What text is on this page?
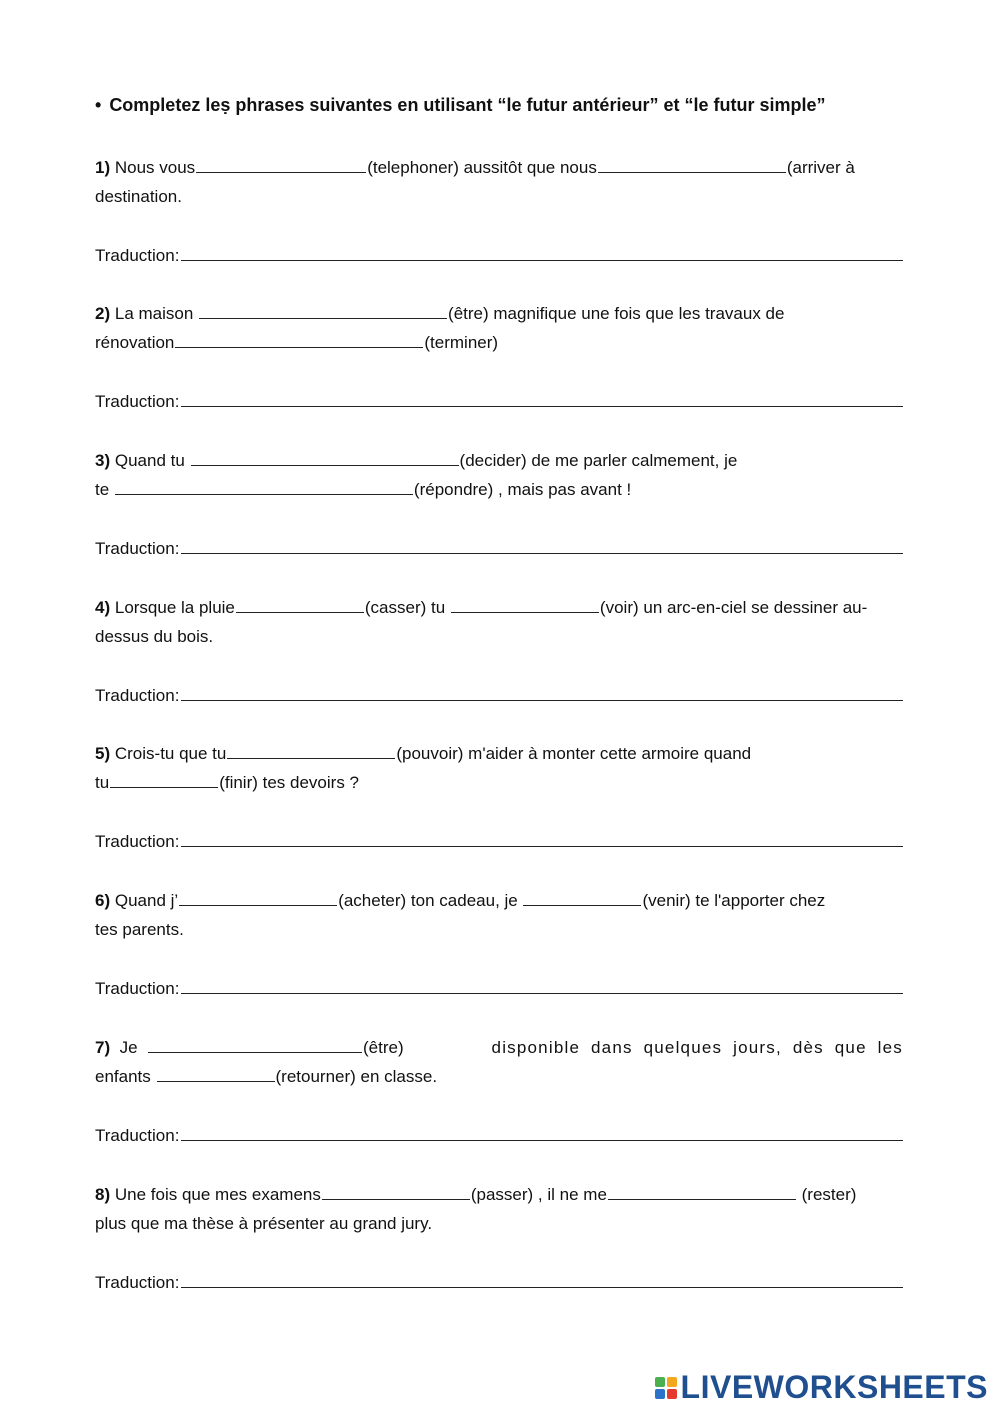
• Completez leṣ phrases suivantes en utilisant “le futur antérieur” et “le futur simple”
1) Nous vous	(telephoner) aussitôt que nous	(arriver à
destination.
Traduction:
2) La maison	(être) magnifique une fois que les travaux de
rénovation	(terminer)
Traduction:
3) Quand tu	(decider) de me parler calmement, je
te	(répondre) , mais pas avant !
Traduction:
4) Lorsque la pluie	(casser) tu	(voir) un arc-en-ciel se dessiner au-
dessus du bois.
Traduction:
5) Crois-tu que tu	(pouvoir) m'aider à monter cette armoire quand
tu	(finir) tes devoirs ?
Traduction:
6) Quand j’	(acheter) ton cadeau, je	(venir) te l'apporter chez
tes parents.
Traduction:
7) Je	(être)	disponible dans quelques jours, dès que les
enfants	(retourner) en classe.
Traduction:
8) Une fois que mes examens	(passer) , il ne me	(rester)
plus que ma thèse à présenter au grand jury.
Traduction:
LIVEWORKSHEETS
